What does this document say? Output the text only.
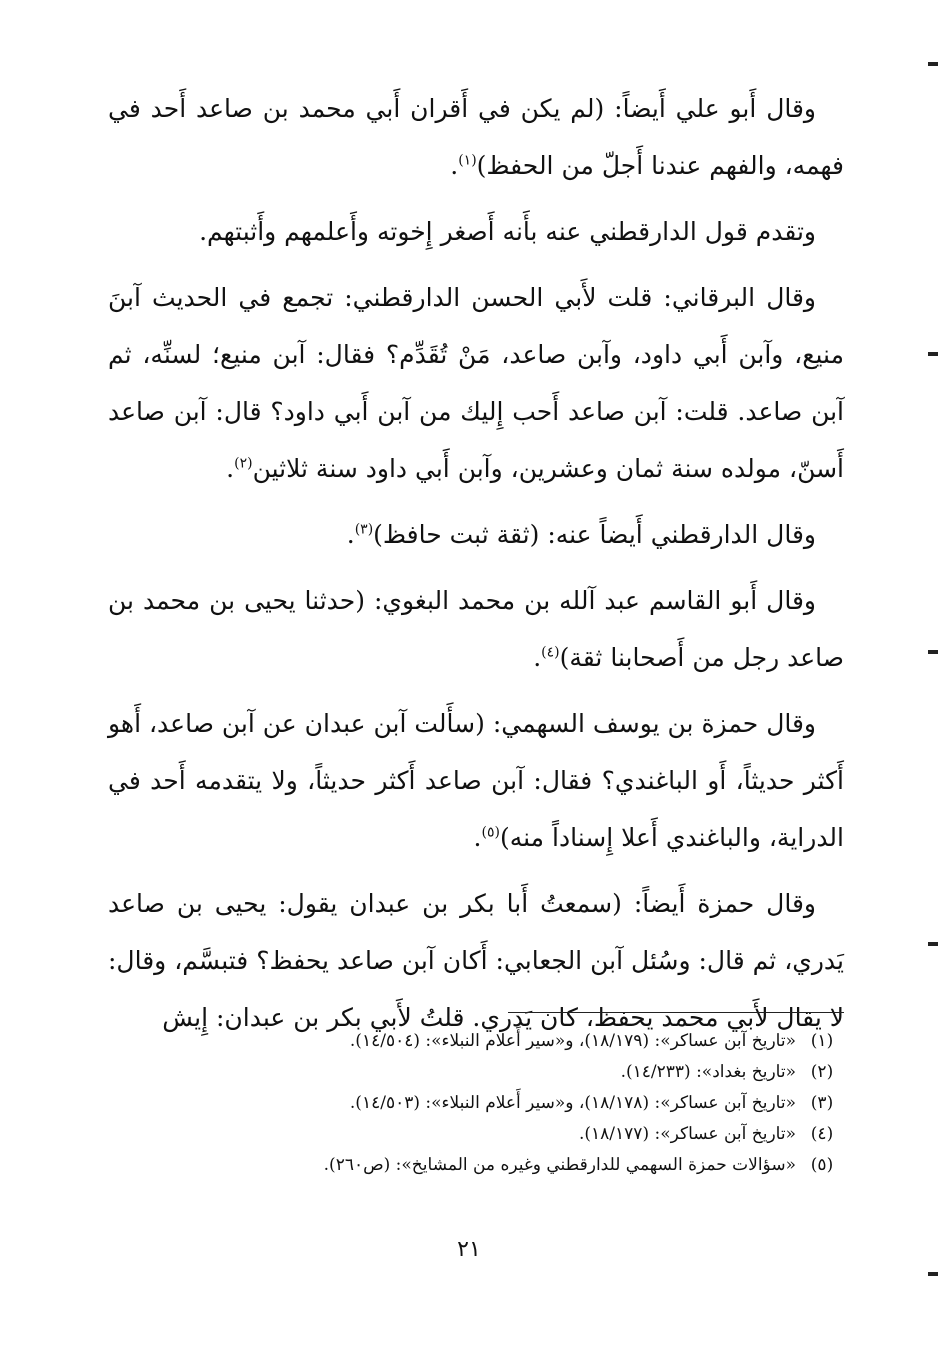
وقال أَبو علي أَيضاً: (لم يكن في أَقران أَبي محمد بن صاعد أَحد في فهمه، والفهم عندنا أَجلّ من الحفظ)$^{(١)}$.

وتقدم قول الدارقطني عنه بأَنه أَصغر إِخوته وأَعلمهم وأَثبتهم.

وقال البرقاني: قلت لأَبي الحسن الدارقطني: تجمع في الحديث آبنَ منيع، وآبن أَبي داود، وآبن صاعد، مَنْ تُقَدِّم؟ فقال: آبن منيع؛ لسنِّه، ثم آبن صاعد. قلت: آبن صاعد أَحب إِليك من آبن أَبي داود؟ قال: آبن صاعد أَسنّ، مولده سنة ثمان وعشرين، وآبن أَبي داود سنة ثلاثين$^{(٢)}$.

وقال الدارقطني أَيضاً عنه: (ثقة ثبت حافظ)$^{(٣)}$.

وقال أَبو القاسم عبد آلله بن محمد البغوي: (حدثنا يحيى بن محمد بن صاعد رجل من أَصحابنا ثقة)$^{(٤)}$.

وقال حمزة بن يوسف السهمي: (سأَلت آبن عبدان عن آبن صاعد، أَهو أَكثر حديثاً، أَو الباغندي؟ فقال: آبن صاعد أَكثر حديثاً، ولا يتقدمه أَحد في الدراية، والباغندي أَعلا إِسناداً منه)$^{(٥)}$.

وقال حمزة أَيضاً: (سمعتُ أَبا بكر بن عبدان يقول: يحيى بن صاعد يَدري، ثم قال: وسُئل آبن الجعابي: أَكان آبن صاعد يحفظ؟ فتبسَّم، وقال: لا يقال لأَبي محمد يحفظ، كان يَدري. قلتُ لأَبي بكر بن عبدان: إِيش

(١)
«تاريخ آبن عساكر»: (١٨/١٧٩)، و«سير أَعلام النبلاء»: (١٤/٥٠٤).
(٢)
«تاريخ بغداد»: (١٤/٢٣٣).
(٣)
«تاريخ آبن عساكر»: (١٨/١٧٨)، و«سير أَعلام النبلاء»: (١٤/٥٠٣).
(٤)
«تاريخ آبن عساكر»: (١٨/١٧٧).
(٥)
«سؤالات حمزة السهمي للدارقطني وغيره من المشايخ»: (ص٢٦٠).
٢١
